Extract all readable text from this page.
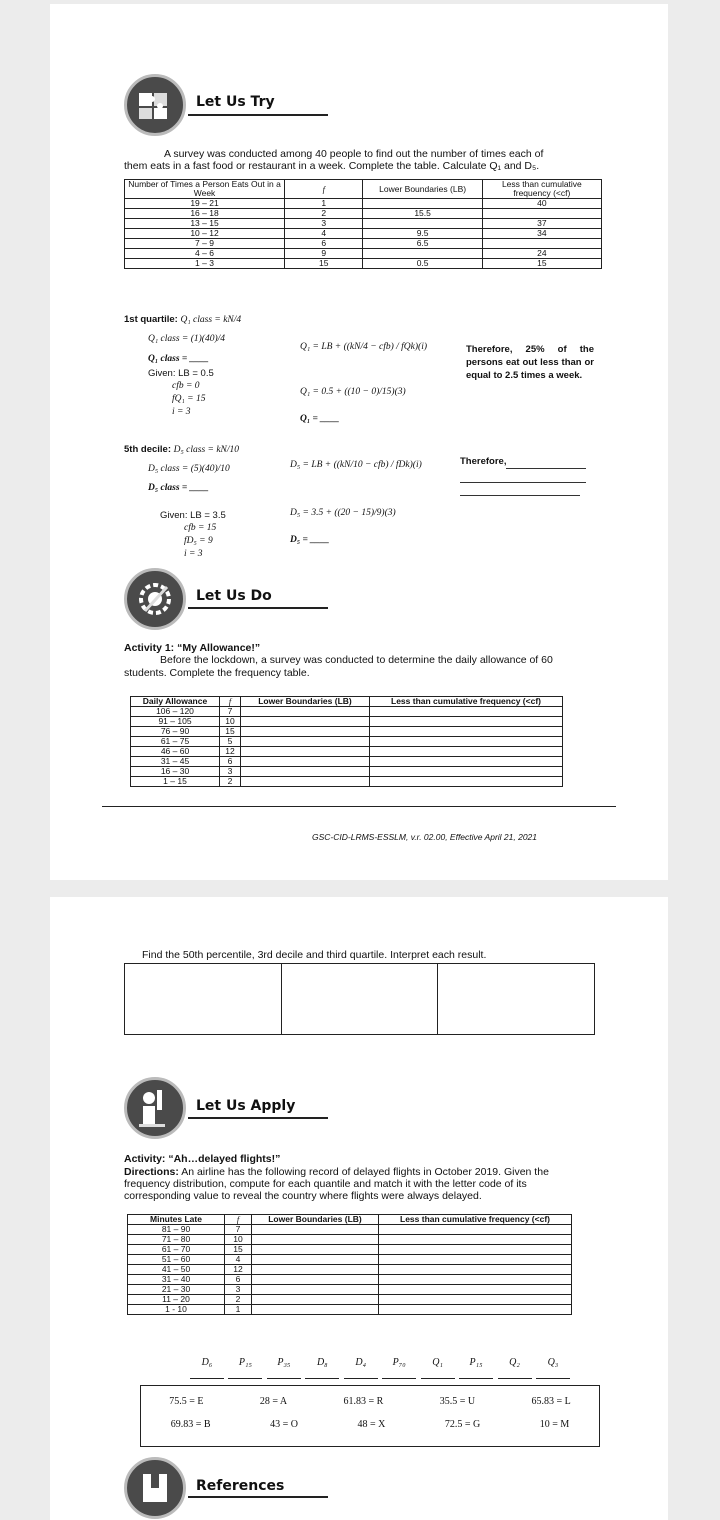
Let Us Try
A survey was conducted among 40 people to find out the number of times each of
them eats in a fast food or restaurant in a week. Complete the table. Calculate Q₁ and D₅.
Number of Times a Person Eats Out in a Week	f	Lower Boundaries (LB)	Less than cumulative frequency (<cf)
19 – 21	1		40
16 – 18	2	15.5	
13 – 15	3		37
10 – 12	4	9.5	34
7 – 9	6	6.5	
4 – 6	9		24
1 – 3	15	0.5	15
1st quartile: Q₁ class = kN/4
Q₁ class = (1)(40)/4
Q₁ class = ____
Given: LB = 0.5
cfb = 0
fQ₁ = 15
i = 3
Q₁ = LB + ((kN/4 − cfb) / fQk)(i)
Q₁ = 0.5 + ((10 − 0)/15)(3)
Q₁ = ____
Therefore, 25% of the persons eat out less than or equal to 2.5 times a week.
5th decile: D₅ class = kN/10
D₅ class = (5)(40)/10
D₅ class = ____
Given: LB = 3.5
cfb = 15
fD₅ = 9
i = 3
D₅ = LB + ((kN/10 − cfb) / fDk)(i)
D₅ = 3.5 + ((20 − 15)/9)(3)
D₅ = ____
Therefore,
Let Us Do
Activity 1: “My Allowance!”
Before the lockdown, a survey was conducted to determine the daily allowance of 60
students. Complete the frequency table.
Daily Allowance	f	Lower Boundaries (LB)	Less than cumulative frequency (<cf)
106 – 120	7		
91 – 105	10		
76 – 90	15		
61 – 75	5		
46 – 60	12		
31 – 45	6		
16 – 30	3		
1 – 15	2		
GSC-CID-LRMS-ESSLM, v.r. 02.00, Effective April 21, 2021
Find the 50th percentile, 3rd decile and third quartile. Interpret each result.
Let Us Apply
Activity: “Ah…delayed flights!”
Directions: An airline has the following record of delayed flights in October 2019. Given the
frequency distribution, compute for each quantile and match it with the letter code of its
corresponding value to reveal the country where flights were always delayed.
Minutes Late	f	Lower Boundaries (LB)	Less than cumulative frequency (<cf)
81 – 90	7		
71 – 80	10		
61 – 70	15		
51 – 60	4		
41 – 50	12		
31 – 40	6		
21 – 30	3		
11 – 20	2		
1 - 10	1		
D₆	P₁₅	P₃₅	D₈	D₄	P₇₀	Q₁	P₁₅	Q₂	Q₃
75.5 = E	28 = A	61.83 = R	35.5 = U	65.83 = L
69.83 = B	43 = O	48 = X	72.5 = G	10 = M
References
